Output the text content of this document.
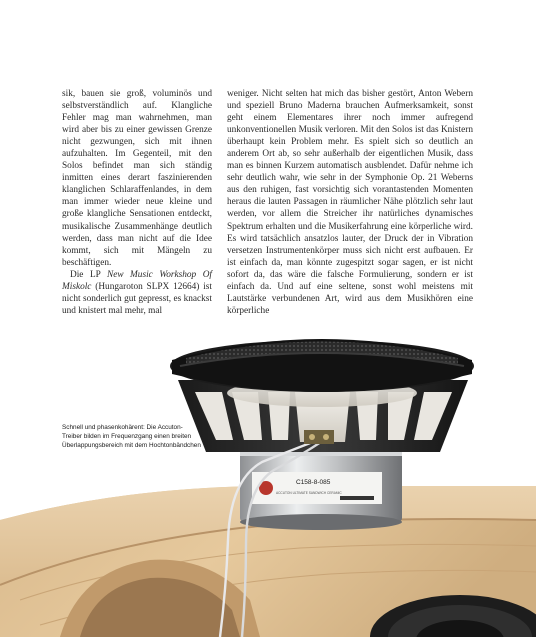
C158-8-085
ACCUTON ULTIMATE SANDWICH CERAMIC

sik, bauen sie groß, voluminös und selbstverständlich auf. Klangliche Fehler mag man wahrnehmen, man wird aber bis zu einer gewissen Grenze nicht gezwungen, sich mit ihnen aufzuhalten. Im Gegenteil, mit den Solos befindet man sich ständig inmitten eines derart faszinierenden klanglichen Schlaraffenlandes, in dem man immer wieder neue kleine und große klangliche Sensationen entdeckt, musikalische Zusammenhänge deutlich werden, dass man nicht auf die Idee kommt, sich mit Mängeln zu beschäftigen.

Die LP New Music Workshop Of Miskolc (Hungaroton SLPX 12664) ist nicht sonderlich gut gepresst, es knackst und knistert mal mehr, mal

weniger. Nicht selten hat mich das bisher gestört, Anton Webern und speziell Bruno Maderna brauchen Aufmerksamkeit, sonst geht einem Elementares ihrer noch immer aufregend unkonventionellen Musik verloren. Mit den Solos ist das Knistern überhaupt kein Problem mehr. Es spielt sich so deutlich an anderem Ort ab, so sehr außerhalb der eigentlichen Musik, dass man es binnen Kurzem automatisch ausblendet. Dafür nehme ich sehr deutlich wahr, wie sehr in der Symphonie Op. 21 Weberns aus den ruhigen, fast vorsichtig sich vorantastenden Momenten heraus die lauten Passagen in räumlicher Nähe plötzlich sehr laut werden, vor allem die Streicher ihr natürliches dynamisches Spektrum erhalten und die Musikerfahrung eine körperliche wird. Es wird tatsächlich ansatzlos lauter, der Druck der in Vibration versetzen Instrumentenkörper muss sich nicht erst aufbauen. Er ist einfach da, man könnte zugespitzt sogar sagen, er ist nicht sofort da, das wäre die falsche Formulierung, sondern er ist einfach da. Und auf eine seltene, sonst wohl meistens mit Lautstärke verbundenen Art, wird aus dem Musikhören eine körperliche

Schnell und phasenkohärent: Die Accuton-Treiber bilden im Frequenzgang einen breiten Überlappungsbereich mit dem Hochtonbändchen
